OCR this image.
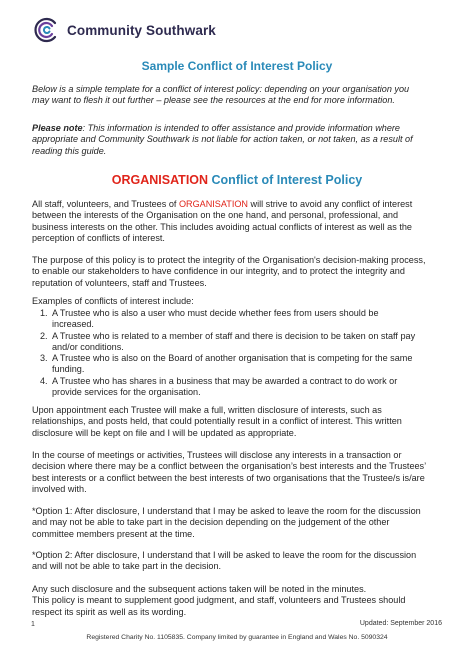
Community Southwark
Sample Conflict of Interest Policy
Below is a simple template for a conflict of interest policy: depending on your organisation you
may want to flesh it out further – please see the resources at the end for more information.
Please note: This information is intended to offer assistance and provide information where
appropriate and Community Southwark is not liable for action taken, or not taken, as a result of
reading this guide.
ORGANISATION Conflict of Interest Policy
All staff, volunteers, and Trustees of ORGANISATION will strive to avoid any conflict of interest
between the interests of the Organisation on the one hand, and personal, professional, and
business interests on the other. This includes avoiding actual conflicts of interest as well as the
perception of conflicts of interest.
The purpose of this policy is to protect the integrity of the Organisation's decision-making process,
to enable our stakeholders to have confidence in our integrity, and to protect the integrity and
reputation of volunteers, staff and Trustees.
Examples of conflicts of interest include:
1. A Trustee who is also a user who must decide whether fees from users should be
increased.
2. A Trustee who is related to a member of staff and there is decision to be taken on staff pay
and/or conditions.
3. A Trustee who is also on the Board of another organisation that is competing for the same
funding.
4. A Trustee who has shares in a business that may be awarded a contract to do work or
provide services for the organisation.
Upon appointment each Trustee will make a full, written disclosure of interests, such as
relationships, and posts held, that could potentially result in a conflict of interest. This written
disclosure will be kept on file and I will be updated as appropriate.
In the course of meetings or activities, Trustees will disclose any interests in a transaction or
decision where there may be a conflict between the organisation’s best interests and the Trustees’
best interests or a conflict between the best interests of two organisations that the Trustee/s is/are
involved with.
*Option 1: After disclosure, I understand that I may be asked to leave the room for the discussion
and may not be able to take part in the decision depending on the judgement of the other
committee members present at the time.
*Option 2: After disclosure, I understand that I will be asked to leave the room for the discussion
and will not be able to take part in the decision.
Any such disclosure and the subsequent actions taken will be noted in the minutes.
This policy is meant to supplement good judgment, and staff, volunteers and Trustees should
respect its spirit as well as its wording.
1	Updated: September 2016
Registered Charity No. 1105835. Company limited by guarantee in England and Wales No. 5090324
